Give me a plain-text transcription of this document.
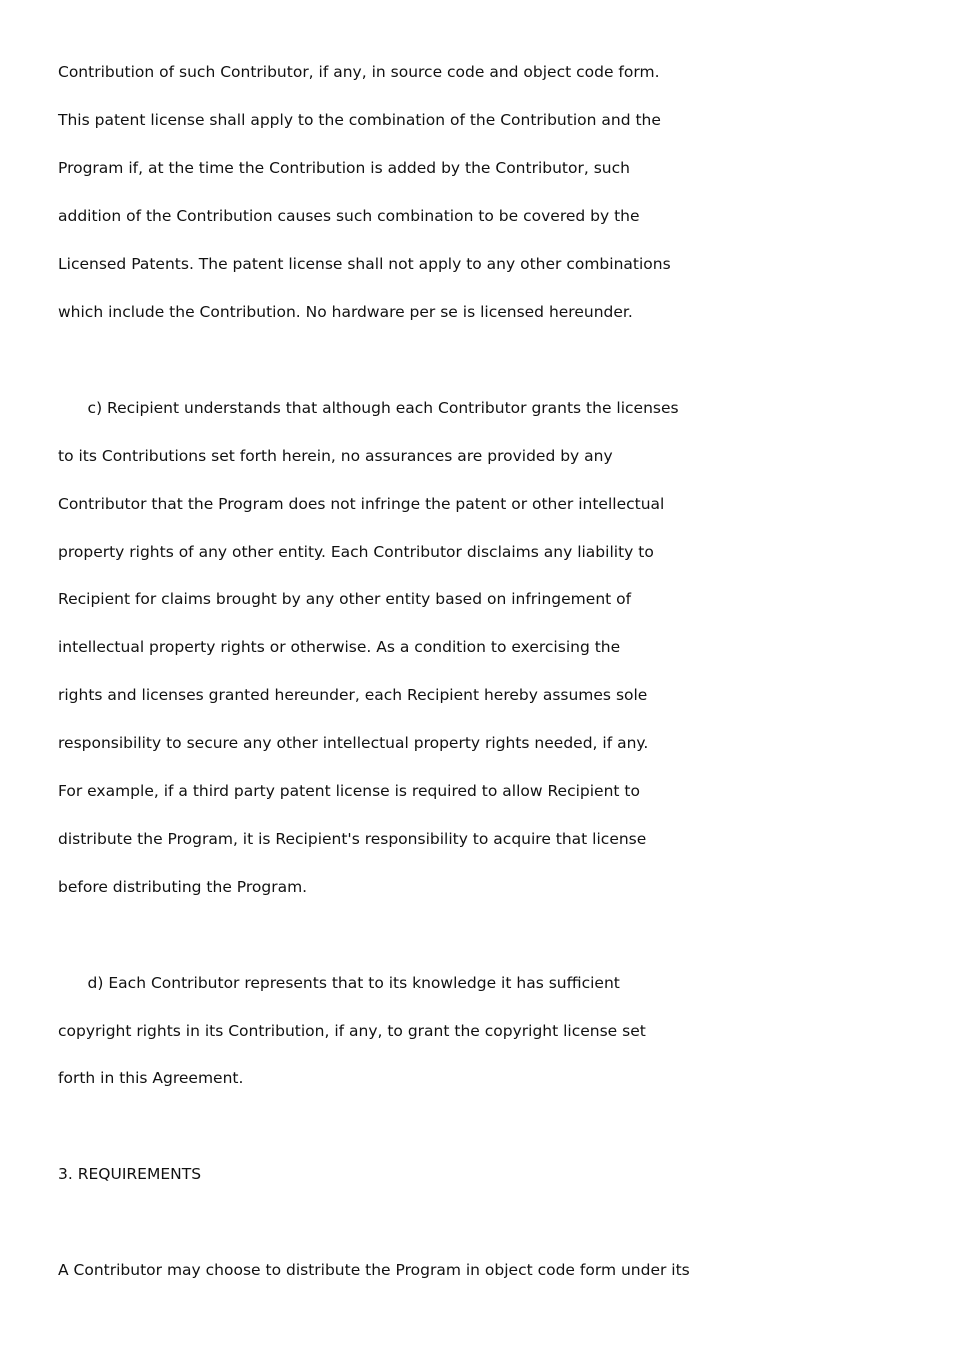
Contribution of such Contributor, if any, in source code and object code form.
This patent license shall apply to the combination of the Contribution and the
Program if, at the time the Contribution is added by the Contributor, such
addition of the Contribution causes such combination to be covered by the
Licensed Patents. The patent license shall not apply to any other combinations
which include the Contribution. No hardware per se is licensed hereunder.
c) Recipient understands that although each Contributor grants the licenses
to its Contributions set forth herein, no assurances are provided by any
Contributor that the Program does not infringe the patent or other intellectual
property rights of any other entity. Each Contributor disclaims any liability to
Recipient for claims brought by any other entity based on infringement of
intellectual property rights or otherwise. As a condition to exercising the
rights and licenses granted hereunder, each Recipient hereby assumes sole
responsibility to secure any other intellectual property rights needed, if any.
For example, if a third party patent license is required to allow Recipient to
distribute the Program, it is Recipient's responsibility to acquire that license
before distributing the Program.
d) Each Contributor represents that to its knowledge it has sufficient
copyright rights in its Contribution, if any, to grant the copyright license set
forth in this Agreement.
3. REQUIREMENTS
A Contributor may choose to distribute the Program in object code form under its
